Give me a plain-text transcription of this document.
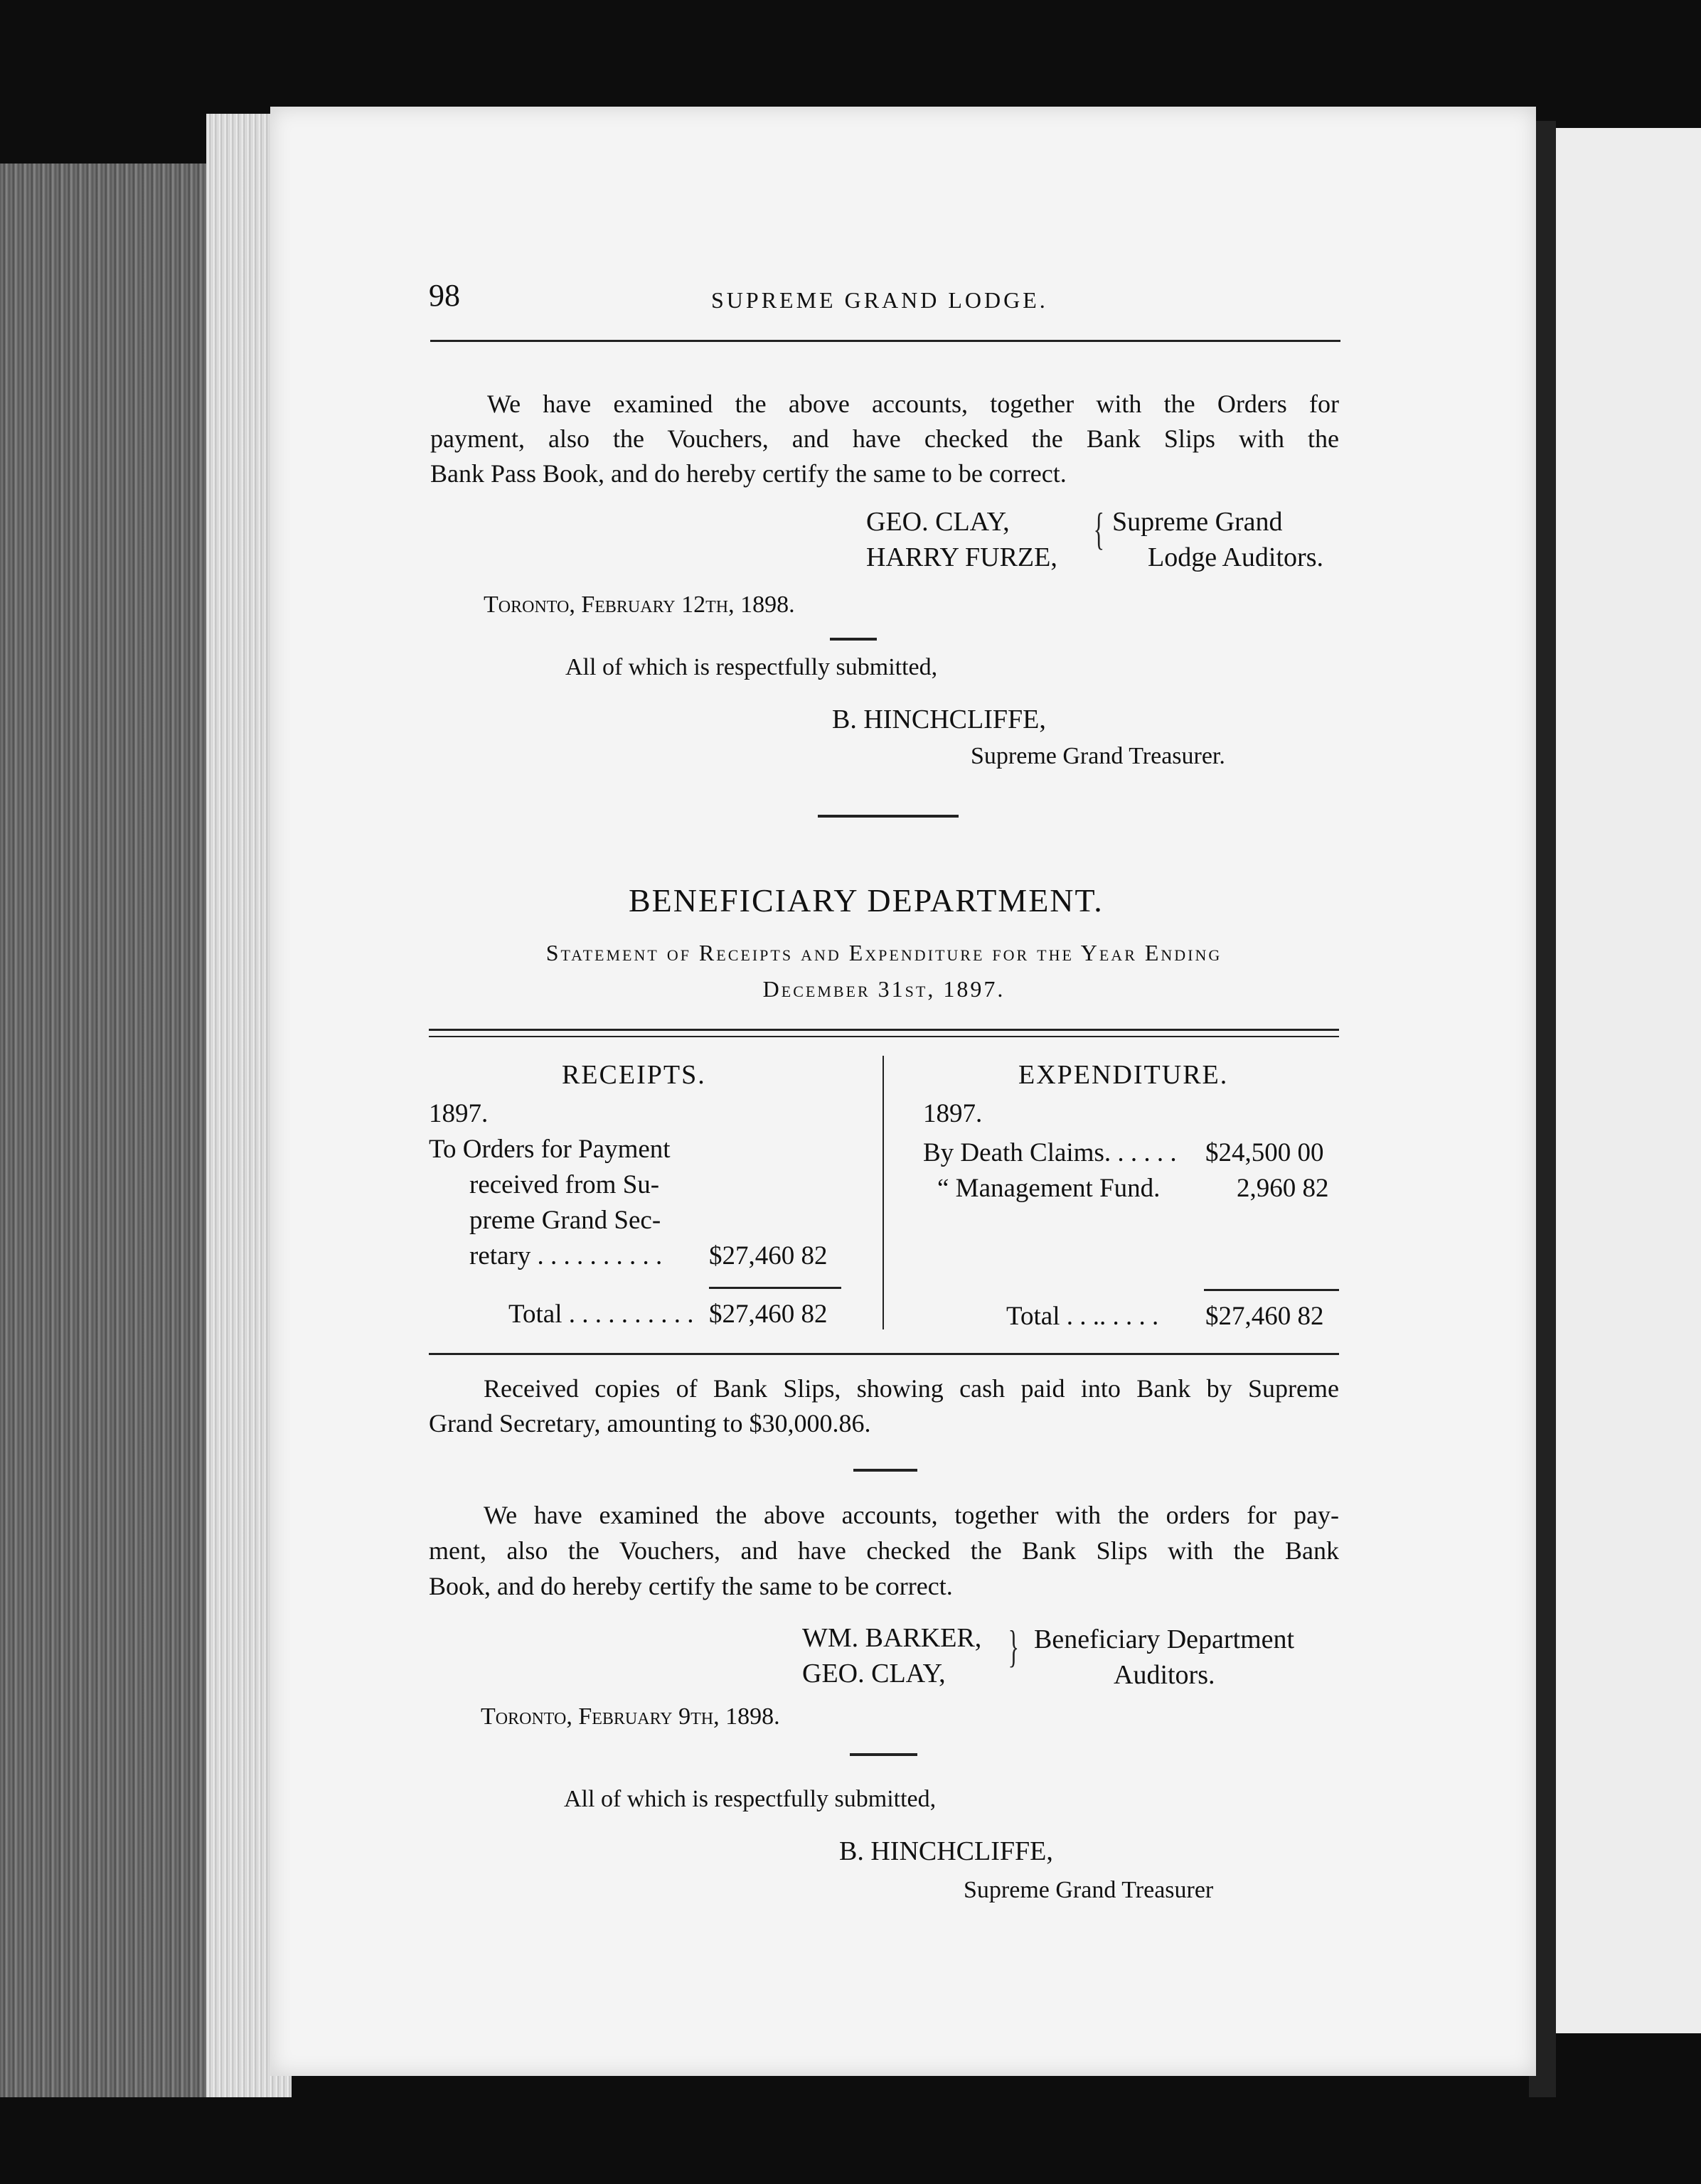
98	SUPREME GRAND LODGE.
We have examined the above accounts, together with the Orders for
payment, also the Vouchers, and have checked the Bank Slips with the
Bank Pass Book, and do hereby certify the same to be correct.
GEO. CLAY,
HARRY FURZE,
{ Supreme Grand
Lodge Auditors.
Toronto, February 12th, 1898.
All of which is respectfully submitted,
B. HINCHCLIFFE,
Supreme Grand Treasurer.
BENEFICIARY DEPARTMENT.
Statement of Receipts and Expenditure for the Year Ending
December 31st, 1897.
RECEIPTS.
1897.
To Orders for Payment
received from Su-
preme Grand Sec-
retary . . . . . . . . . . $27,460 82
Total . . . . . . . . . . $27,460 82
EXPENDITURE.
1897.
By Death Claims. . . . . . $24,500 00
“ Management Fund.	2,960 82
Total . . .. . . . . $27,460 82
Received copies of Bank Slips, showing cash paid into Bank by Supreme
Grand Secretary, amounting to $30,000.86.
We have examined the above accounts, together with the orders for pay-
ment, also the Vouchers, and have checked the Bank Slips with the Bank
Book, and do hereby certify the same to be correct.
WM. BARKER,
GEO. CLAY,
} Beneficiary Department
Auditors.
Toronto, February 9th, 1898.
All of which is respectfully submitted,
B. HINCHCLIFFE,
Supreme Grand Treasurer
